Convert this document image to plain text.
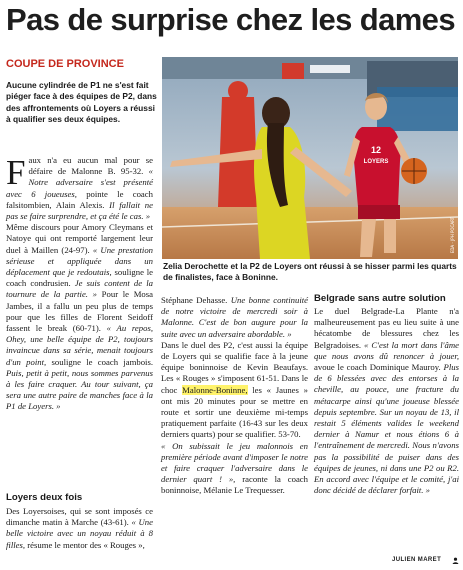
Pas de surprise chez les dames
COUPE DE PROVINCE

Aucune cylindrée de P1 ne s'est fait piéger face à des équipes de P2, dans des affrontements où Loyers a réussi à qualifier ses deux équipes.

12
LOYERS
EDA - JPH POCART

Zelia Derochette et la P2 de Loyers ont réussi à se hisser parmi les quarts de finalistes, face à Boninne.

Faux n'a eu aucun mal pour se défaire de Malonne B. 95-32. « Notre adversaire s'est présenté avec 6 joueuses, pointe le coach falsitombien, Alain Alexis. Il fallait ne pas se faire surprendre, et ça été le cas. »

Même discours pour Amory Cleymans et Natoye qui ont remporté largement leur duel à Maillen (24-97). « Une prestation sérieuse et appliquée dans un déplacement que je redoutais, souligne le coach condrusien. Je suis content de la tournure de la partie. » Pour le Mosa Jambes, il a fallu un peu plus de temps pour que les filles de Florent Seidoff fassent le break (60-71). « Au repos, Ohey, une belle équipe de P2, toujours invaincue dans sa série, menait toujours d'un point, souligne le coach jambois. Puis, petit à petit, nous sommes parvenus à les faire craquer. Au tour suivant, ça sera une autre paire de manches face à la P1 de Loyers. »

Loyers deux fois
Des Loyersoises, qui se sont imposés ce dimanche matin à Marche (43-61). « Une belle victoire avec un noyau réduit à 8 filles, résume le mentor des « Rouges »,

Stéphane Dehasse. Une bonne continuité de notre victoire de mercredi soir à Malonne. C'est de bon augure pour la suite avec un adversaire abordable. »

Dans le duel des P2, c'est aussi la équipe de Loyers qui se qualifie face à la jeune équipe boninnoise de Kevin Beaufays. Les « Rouges » s'imposent 61-51. Dans le choc Malonne-Boninne, les « Jaunes » ont mis 20 minutes pour se mettre en route et sortir une deuxième mi-temps pratiquement parfaite (16-43 sur les deux derniers quarts) pour se qualifier. 53-70.

« On subissait le jeu malonnois en première période avant d'imposer le notre et faire craquer l'adversaire dans le dernier quart ! », raconte la coach boninnoise, Mélanie Le Trequesser.

Belgrade sans autre solution

Le duel Belgrade-La Plante n'a malheureusement pas eu lieu suite à une hécatombe de blessures chez les Belgradoises. « C'est la mort dans l'âme que nous avons dû renoncer à jouer, avoue le coach Dominique Mauroy. Plus de 6 blessées avec des entorses à la cheville, au pouce, une fracture du métacarpe ainsi qu'une joueuse blessée depuis septembre. Sur un noyau de 13, il restait 5 éléments valides le weekend dernier à Namur et nous étions 6 à l'entraînement de mercredi. Nous n'avons pas la possibilité de puiser dans des équipes de jeunes, ni dans une P2 ou R2. En accord avec l'équipe et le comité, j'ai donc décidé de déclarer forfait. »

JULIEN MARET
